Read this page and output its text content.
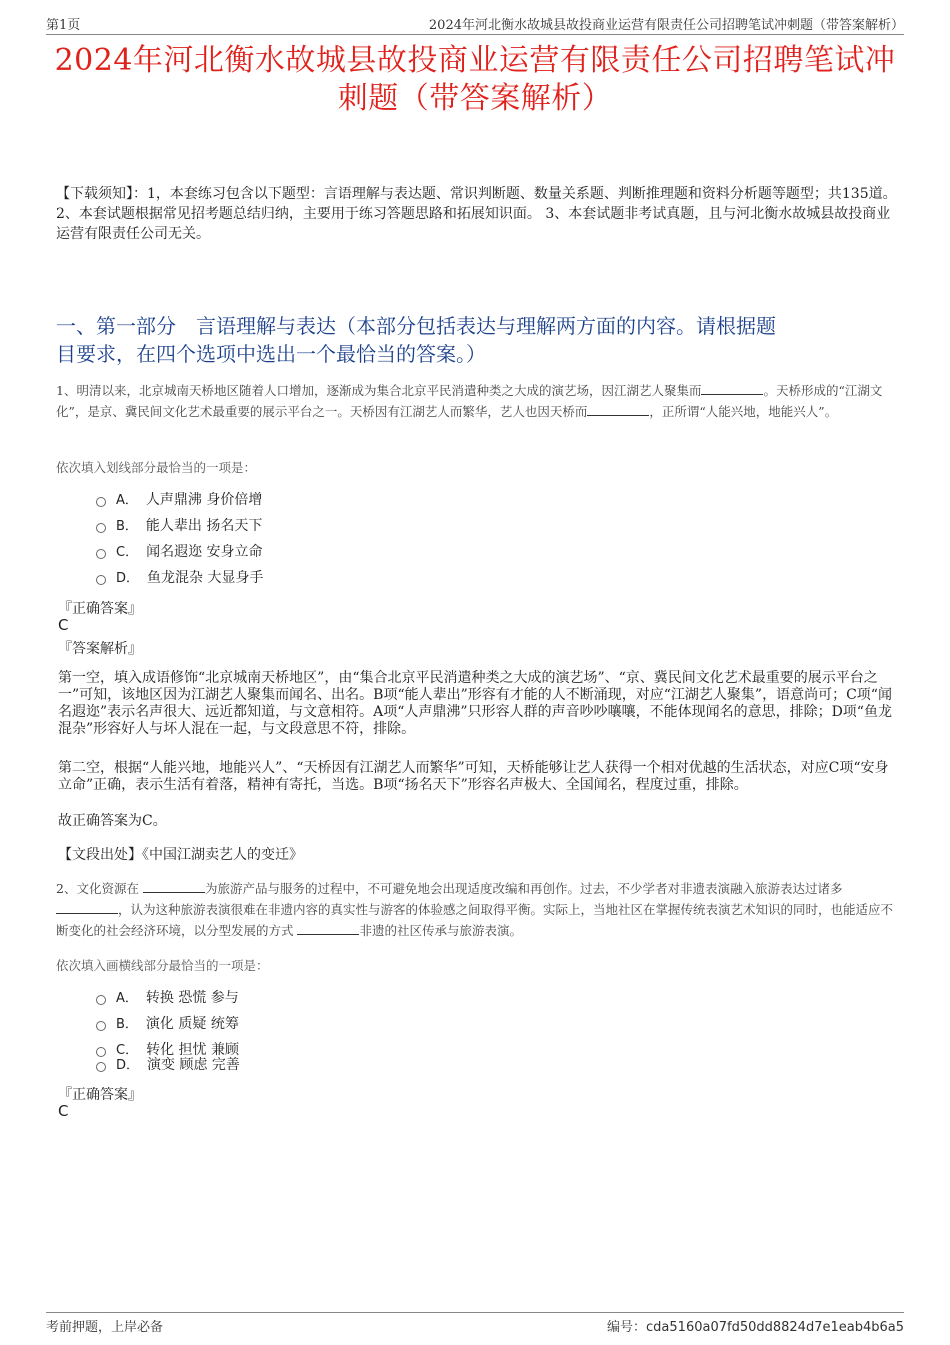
第1页	2024年河北衡水故城县故投商业运营有限责任公司招聘笔试冲刺题（带答案解析）
2024年河北衡水故城县故投商业运营有限责任公司招聘笔试冲
刺题（带答案解析）
【下载须知】：1，本套练习包含以下题型：言语理解与表达题、常识判断题、数量关系题、判断推理题和资料分析题等题型；共135道。 2、本套试题根据常见招考题总结归纳，主要用于练习答题思路和拓展知识面。 3、本套试题非考试真题，且与河北衡水故城县故投商业运营有限责任公司无关。
一、第一部分　言语理解与表达（本部分包括表达与理解两方面的内容。请根据题
目要求，在四个选项中选出一个最恰当的答案。）
1、明清以来，北京城南天桥地区随着人口增加，逐渐成为集合北京平民消遣种类之大成的演艺场，因江湖艺人聚集而	。天桥形成的“江湖文化”，是京、冀民间文化艺术最重要的展示平台之一。天桥因有江湖艺人而繁华，艺人也因天桥而	，正所谓“人能兴地，地能兴人”。
依次填入划线部分最恰当的一项是：
A． 人声鼎沸 身价倍增
B． 能人辈出 扬名天下
C． 闻名遐迩 安身立命
D． 鱼龙混杂 大显身手
『正确答案』
C
『答案解析』
第一空，填入成语修饰“北京城南天桥地区”，由“集合北京平民消遣种类之大成的演艺场”、“京、冀民间文化艺术最重要的展示平台之一”可知，该地区因为江湖艺人聚集而闻名、出名。B项“能人辈出”形容有才能的人不断涌现，对应“江湖艺人聚集”，语意尚可；C项“闻名遐迩”表示名声很大、远近都知道，与文意相符。A项“人声鼎沸”只形容人群的声音吵吵嚷嚷，不能体现闻名的意思，排除；D项“鱼龙混杂”形容好人与坏人混在一起，与文段意思不符，排除。
第二空，根据“人能兴地，地能兴人”、“天桥因有江湖艺人而繁华”可知，天桥能够让艺人获得一个相对优越的生活状态，对应C项“安身立命”正确，表示生活有着落，精神有寄托，当选。B项“扬名天下”形容名声极大、全国闻名，程度过重，排除。
故正确答案为C。
【文段出处】《中国江湖卖艺人的变迁》
2、文化资源在	为旅游产品与服务的过程中，不可避免地会出现适度改编和再创作。过去，不少学者对非遗表演融入旅游表达过诸多，认为这种旅游表演很难在非遗内容的真实性与游客的体验感之间取得平衡。实际上，当地社区在掌握传统表演艺术知识的同时，也能适应不断变化的社会经济环境，以分型发展的方式	非遗的社区传承与旅游表演。
依次填入画横线部分最恰当的一项是：
A． 转换 恐慌 参与
B． 演化 质疑 统筹
C． 转化 担忧 兼顾
D． 演变 顾虑 完善
『正确答案』
C
考前押题，上岸必备	编号：cda5160a07fd50dd8824d7e1eab4b6a5
